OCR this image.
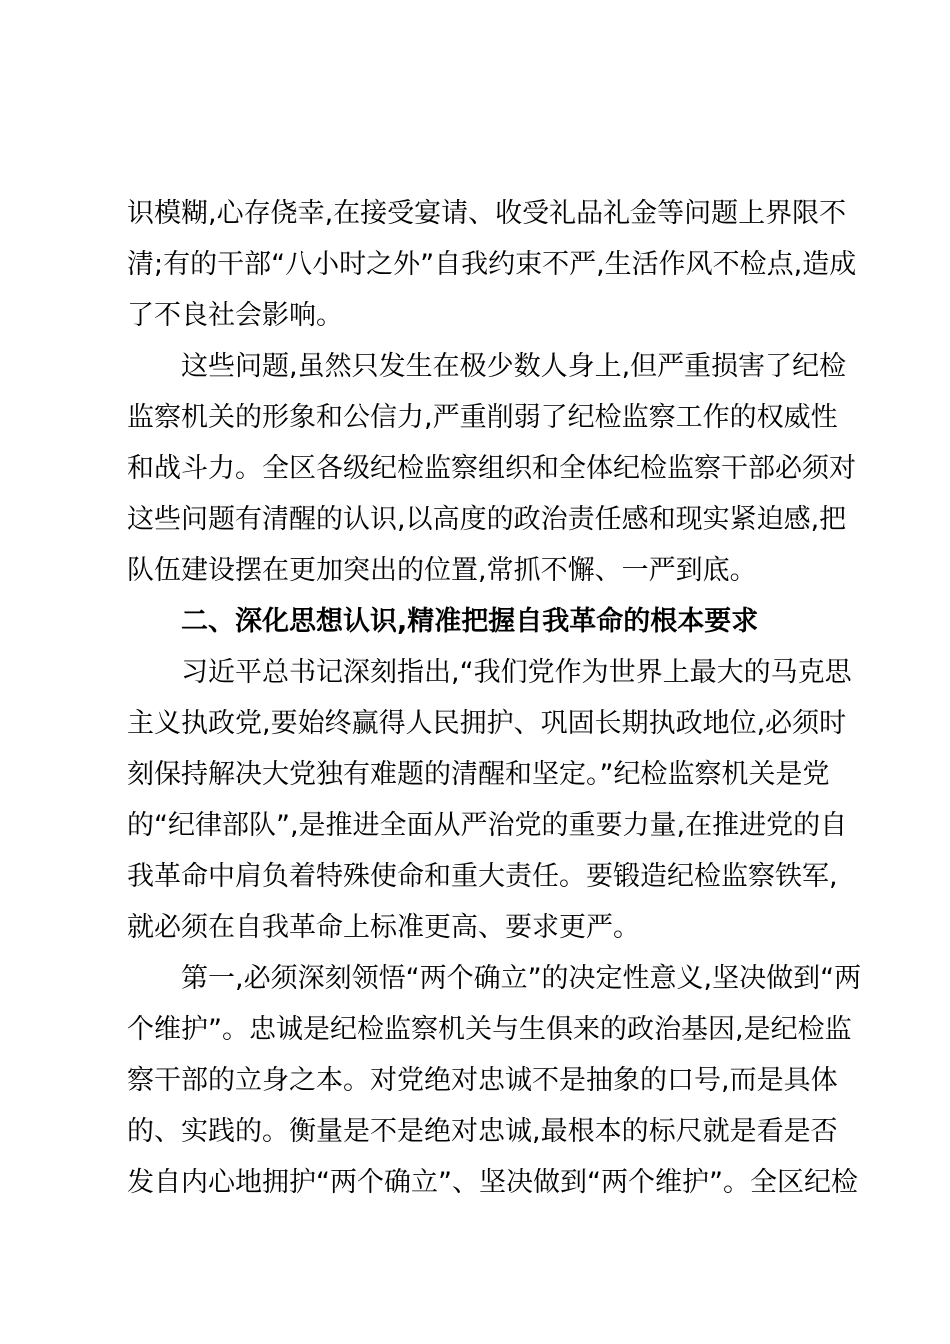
识模糊,心存侥幸,在接受宴请、收受礼品礼金等问题上界限不
清;有的干部“八小时之外”自我约束不严,生活作风不检点,造成
了不良社会影响。
这些问题,虽然只发生在极少数人身上,但严重损害了纪检
监察机关的形象和公信力,严重削弱了纪检监察工作的权威性
和战斗力。全区各级纪检监察组织和全体纪检监察干部必须对
这些问题有清醒的认识,以高度的政治责任感和现实紧迫感,把
队伍建设摆在更加突出的位置,常抓不懈、一严到底。
二、深化思想认识,精准把握自我革命的根本要求
习近平总书记深刻指出,“我们党作为世界上最大的马克思
主义执政党,要始终赢得人民拥护、巩固长期执政地位,必须时
刻保持解决大党独有难题的清醒和坚定。”纪检监察机关是党
的“纪律部队”,是推进全面从严治党的重要力量,在推进党的自
我革命中肩负着特殊使命和重大责任。要锻造纪检监察铁军,
就必须在自我革命上标准更高、要求更严。
第一,必须深刻领悟“两个确立”的决定性意义,坚决做到“两
个维护”。忠诚是纪检监察机关与生俱来的政治基因,是纪检监
察干部的立身之本。对党绝对忠诚不是抽象的口号,而是具体
的、实践的。衡量是不是绝对忠诚,最根本的标尺就是看是否
发自内心地拥护“两个确立”、坚决做到“两个维护”。全区纪检
